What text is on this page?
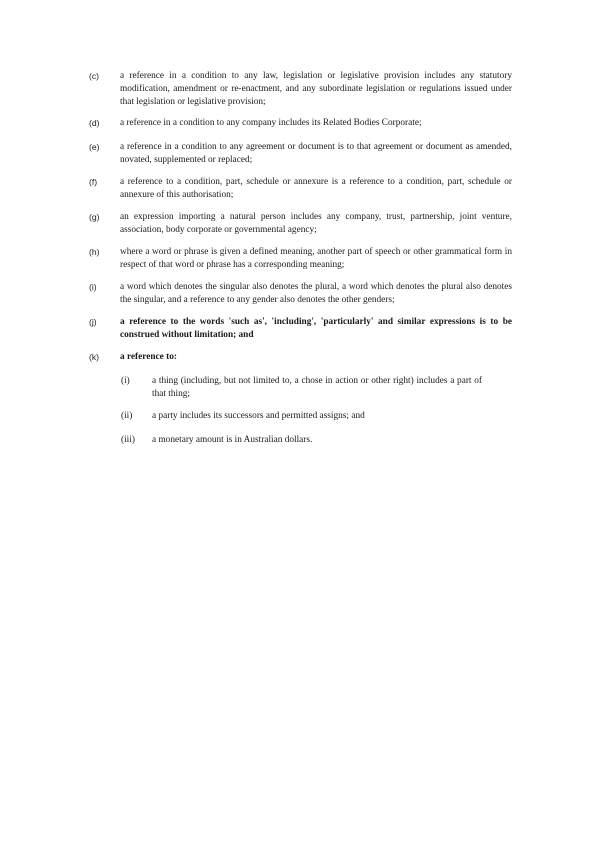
(c) a reference in a condition to any law, legislation or legislative provision includes any statutory modification, amendment or re-enactment, and any subordinate legislation or regulations issued under that legislation or legislative provision;
(d) a reference in a condition to any company includes its Related Bodies Corporate;
(e) a reference in a condition to any agreement or document is to that agreement or document as amended, novated, supplemented or replaced;
(f) a reference to a condition, part, schedule or annexure is a reference to a condition, part, schedule or annexure of this authorisation;
(g) an expression importing a natural person includes any company, trust, partnership, joint venture, association, body corporate or governmental agency;
(h) where a word or phrase is given a defined meaning, another part of speech or other grammatical form in respect of that word or phrase has a corresponding meaning;
(i)	a word which denotes the singular also denotes the plural, a word which denotes the plural also denotes the singular, and a reference to any gender also denotes the other genders;
(j)	a reference to the words 'such as', 'including', 'particularly' and similar expressions is to be construed without limitation; and
(k) a reference to:
(i) a thing (including, but not limited to, a chose in action or other right) includes a part of that thing;
(ii) a party includes its successors and permitted assigns; and
(iii) a monetary amount is in Australian dollars.
